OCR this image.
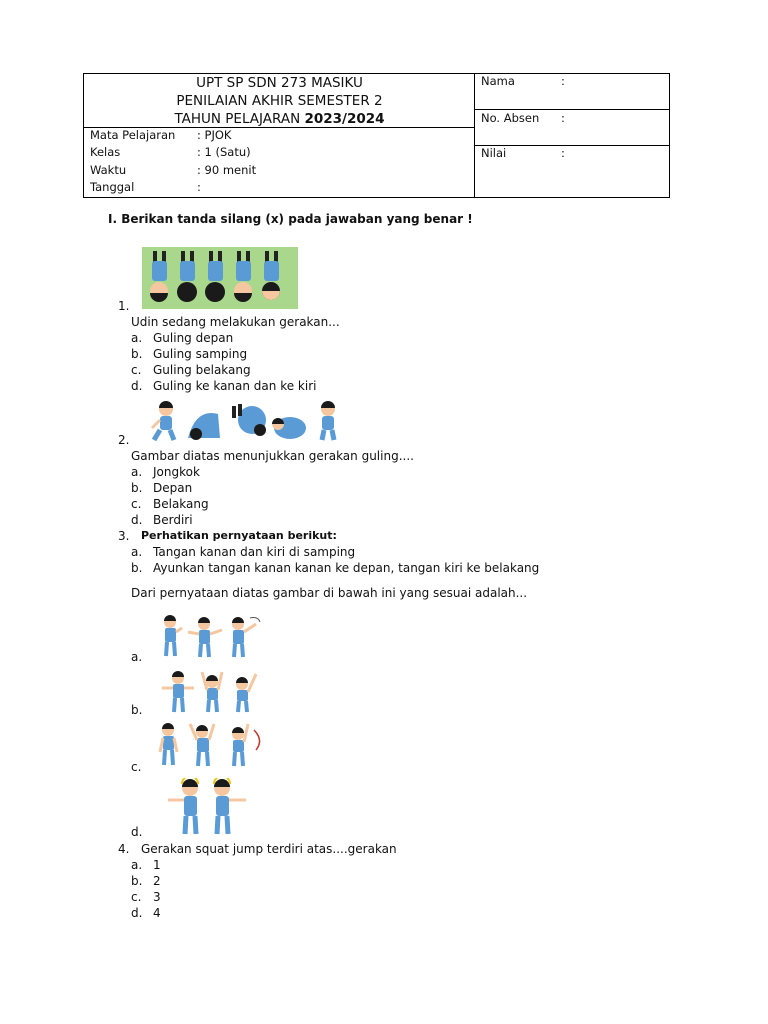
UPT SP SDN 273 MASIKU
PENILAIAN AKHIR SEMESTER 2
TAHUN PELAJARAN 2023/2024
Mata Pelajaran : PJOK
Kelas	: 1 (Satu)
Waktu	: 90 menit
Tanggal	:
Nama	:
No. Absen :
Nilai	:
I. Berikan tanda silang (x) pada jawaban yang benar !
1.
Udin sedang melakukan gerakan...
a. Guling depan
b. Guling samping
c. Guling belakang
d. Guling ke kanan dan ke kiri
2.
Gambar diatas menunjukkan gerakan guling....
a. Jongkok
b. Depan
c. Belakang
d. Berdiri
3. Perhatikan pernyataan berikut:
a. Tangan kanan dan kiri di samping
b. Ayunkan tangan kanan kanan ke depan, tangan kiri ke belakang
Dari pernyataan diatas gambar di bawah ini yang sesuai adalah...
a.
b.
c.
d.
4. Gerakan squat jump terdiri atas....gerakan
a. 1
b. 2
c. 3
d. 4
